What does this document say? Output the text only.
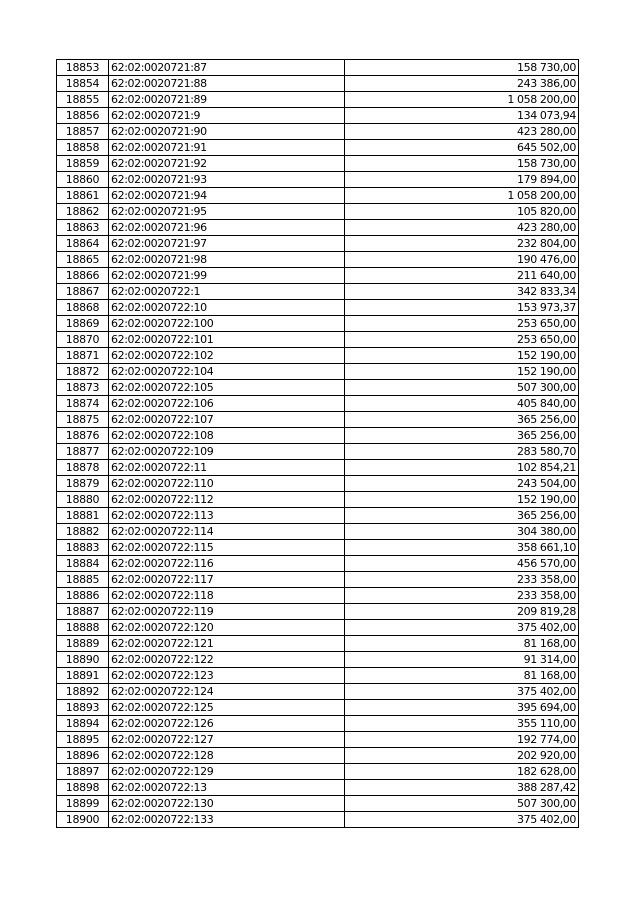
18853	62:02:0020721:87	158 730,00
18854	62:02:0020721:88	243 386,00
18855	62:02:0020721:89	1 058 200,00
18856	62:02:0020721:9	134 073,94
18857	62:02:0020721:90	423 280,00
18858	62:02:0020721:91	645 502,00
18859	62:02:0020721:92	158 730,00
18860	62:02:0020721:93	179 894,00
18861	62:02:0020721:94	1 058 200,00
18862	62:02:0020721:95	105 820,00
18863	62:02:0020721:96	423 280,00
18864	62:02:0020721:97	232 804,00
18865	62:02:0020721:98	190 476,00
18866	62:02:0020721:99	211 640,00
18867	62:02:0020722:1	342 833,34
18868	62:02:0020722:10	153 973,37
18869	62:02:0020722:100	253 650,00
18870	62:02:0020722:101	253 650,00
18871	62:02:0020722:102	152 190,00
18872	62:02:0020722:104	152 190,00
18873	62:02:0020722:105	507 300,00
18874	62:02:0020722:106	405 840,00
18875	62:02:0020722:107	365 256,00
18876	62:02:0020722:108	365 256,00
18877	62:02:0020722:109	283 580,70
18878	62:02:0020722:11	102 854,21
18879	62:02:0020722:110	243 504,00
18880	62:02:0020722:112	152 190,00
18881	62:02:0020722:113	365 256,00
18882	62:02:0020722:114	304 380,00
18883	62:02:0020722:115	358 661,10
18884	62:02:0020722:116	456 570,00
18885	62:02:0020722:117	233 358,00
18886	62:02:0020722:118	233 358,00
18887	62:02:0020722:119	209 819,28
18888	62:02:0020722:120	375 402,00
18889	62:02:0020722:121	81 168,00
18890	62:02:0020722:122	91 314,00
18891	62:02:0020722:123	81 168,00
18892	62:02:0020722:124	375 402,00
18893	62:02:0020722:125	395 694,00
18894	62:02:0020722:126	355 110,00
18895	62:02:0020722:127	192 774,00
18896	62:02:0020722:128	202 920,00
18897	62:02:0020722:129	182 628,00
18898	62:02:0020722:13	388 287,42
18899	62:02:0020722:130	507 300,00
18900	62:02:0020722:133	375 402,00
